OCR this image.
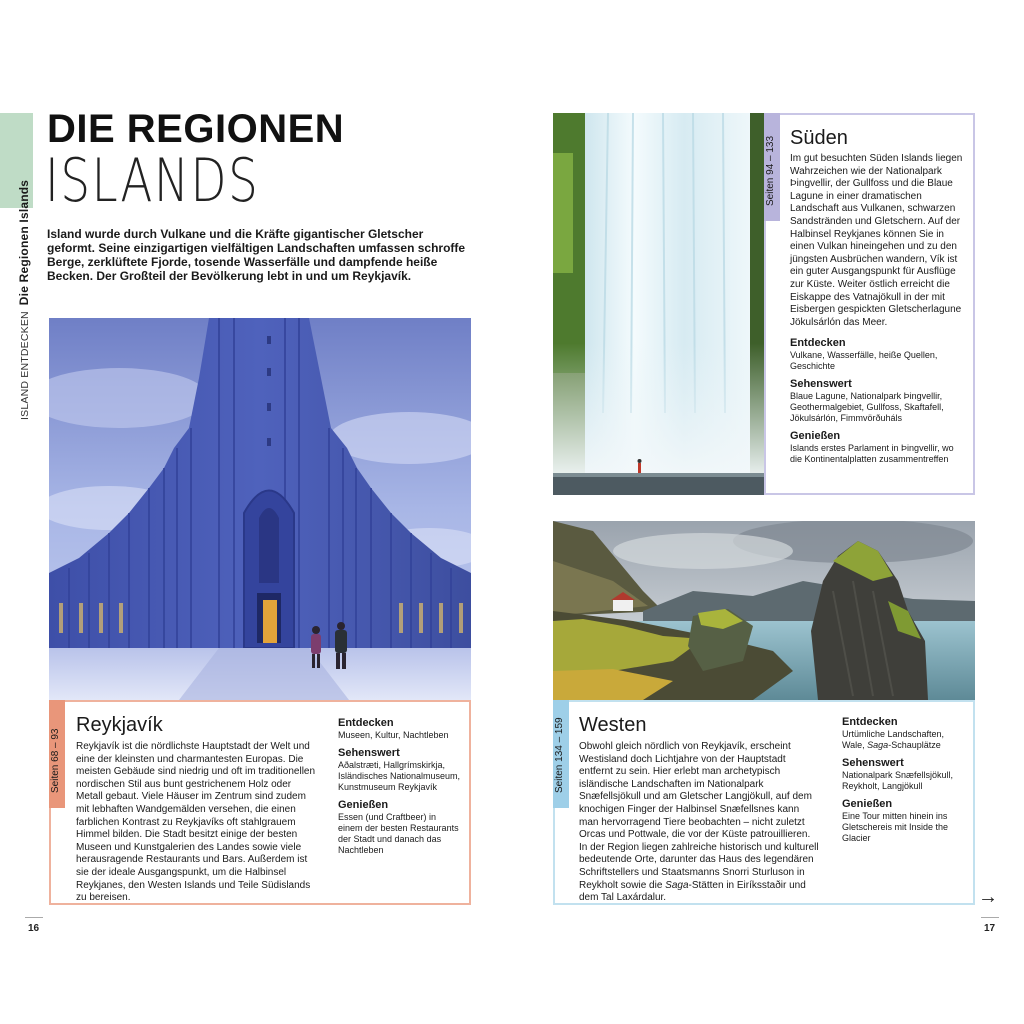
ISLAND ENTDECKENDie Regionen Islands
DIE REGIONEN
ISLANDS
Island wurde durch Vulkane und die Kräfte gigantischer Gletscher geformt. Seine einzigartigen vielfältigen Landschaften umfassen schroffe Berge, zerklüftete Fjorde, tosende Wasserfälle und dampfende heiße Becken. Der Großteil der Bevölkerung lebt in und um Reykjavík.
Seiten 68 – 93
Reykjavík
Reykjavík ist die nördlichste Hauptstadt der Welt und eine der kleinsten und charmantesten Europas. Die meisten Gebäude sind niedrig und oft im traditionellen nordischen Stil aus bunt gestrichenem Holz oder Metall gebaut. Viele Häuser im Zentrum sind zudem mit lebhaften Wandgemälden versehen, die einen farblichen Kontrast zu Reykjavíks oft stahlgrauem Himmel bilden. Die Stadt besitzt einige der besten Museen und Kunstgalerien des Landes sowie viele herausragende Restaurants und Bars. Außerdem ist sie der ideale Ausgangspunkt, um die Halbinsel Reykjanes, den Westen Islands und Teile Südislands zu bereisen.
Entdecken
Museen, Kultur, Nachtleben
Sehenswert
Aðalstræti, Hallgrímskirkja, Isländisches Nationalmuseum, Kunstmuseum Reykjavík
Genießen
Essen (und Craftbeer) in einem der besten Restaurants der Stadt und danach das Nachtleben
16
Seiten 94 – 133 Süden
Im gut besuchten Süden Islands liegen Wahrzeichen wie der Nationalpark Þingvellir, der Gullfoss und die Blaue Lagune in einer dramatischen Landschaft aus Vulkanen, schwarzen Sandstränden und Gletschern. Auf der Halbinsel Reykjanes können Sie in einen Vulkan hineingehen und zu den jüngsten Ausbrüchen wandern, Vík ist ein guter Ausgangspunkt für Ausflüge zur Küste. Weiter östlich erreicht die Eiskappe des Vatnajökull in der mit Eisbergen gespickten Gletscherlagune Jökulsárlón das Meer.
Entdecken
Vulkane, Wasserfälle, heiße Quellen, Geschichte
Sehenswert
Blaue Lagune, Nationalpark Þingvellir, Geothermalgebiet, Gullfoss, Skaftafell, Jökulsárlón, Fimmvörðuháls
Genießen
Islands erstes Parlament in Þingvellir, wo die Kontinentalplatten zusammentreffen
Seiten 134 – 159 Westen
Obwohl gleich nördlich von Reykjavík, erscheint Westisland doch Lichtjahre von der Hauptstadt entfernt zu sein. Hier erlebt man archetypisch isländische Landschaften im Nationalpark Snæfellsjökull und am Gletscher Langjökull, auf dem knochigen Finger der Halbinsel Snæfellsnes kann man hervorragend Tiere beobachten – nicht zuletzt Orcas und Pottwale, die vor der Küste patrouillieren. In der Region liegen zahlreiche historisch und kulturell bedeutende Orte, darunter das Haus des legendären Schriftstellers und Staatsmanns Snorri Sturluson in Reykholt sowie die Saga-Stätten in Eiríksstaðir und dem Tal Laxárdalur.
Entdecken
Urtümliche Landschaften, Wale, Saga-Schauplätze
Sehenswert
Nationalpark Snæfellsjökull, Reykholt, Langjökull
Genießen
Eine Tour mitten hinein ins Gletschereis mit Inside the Glacier
→
17
